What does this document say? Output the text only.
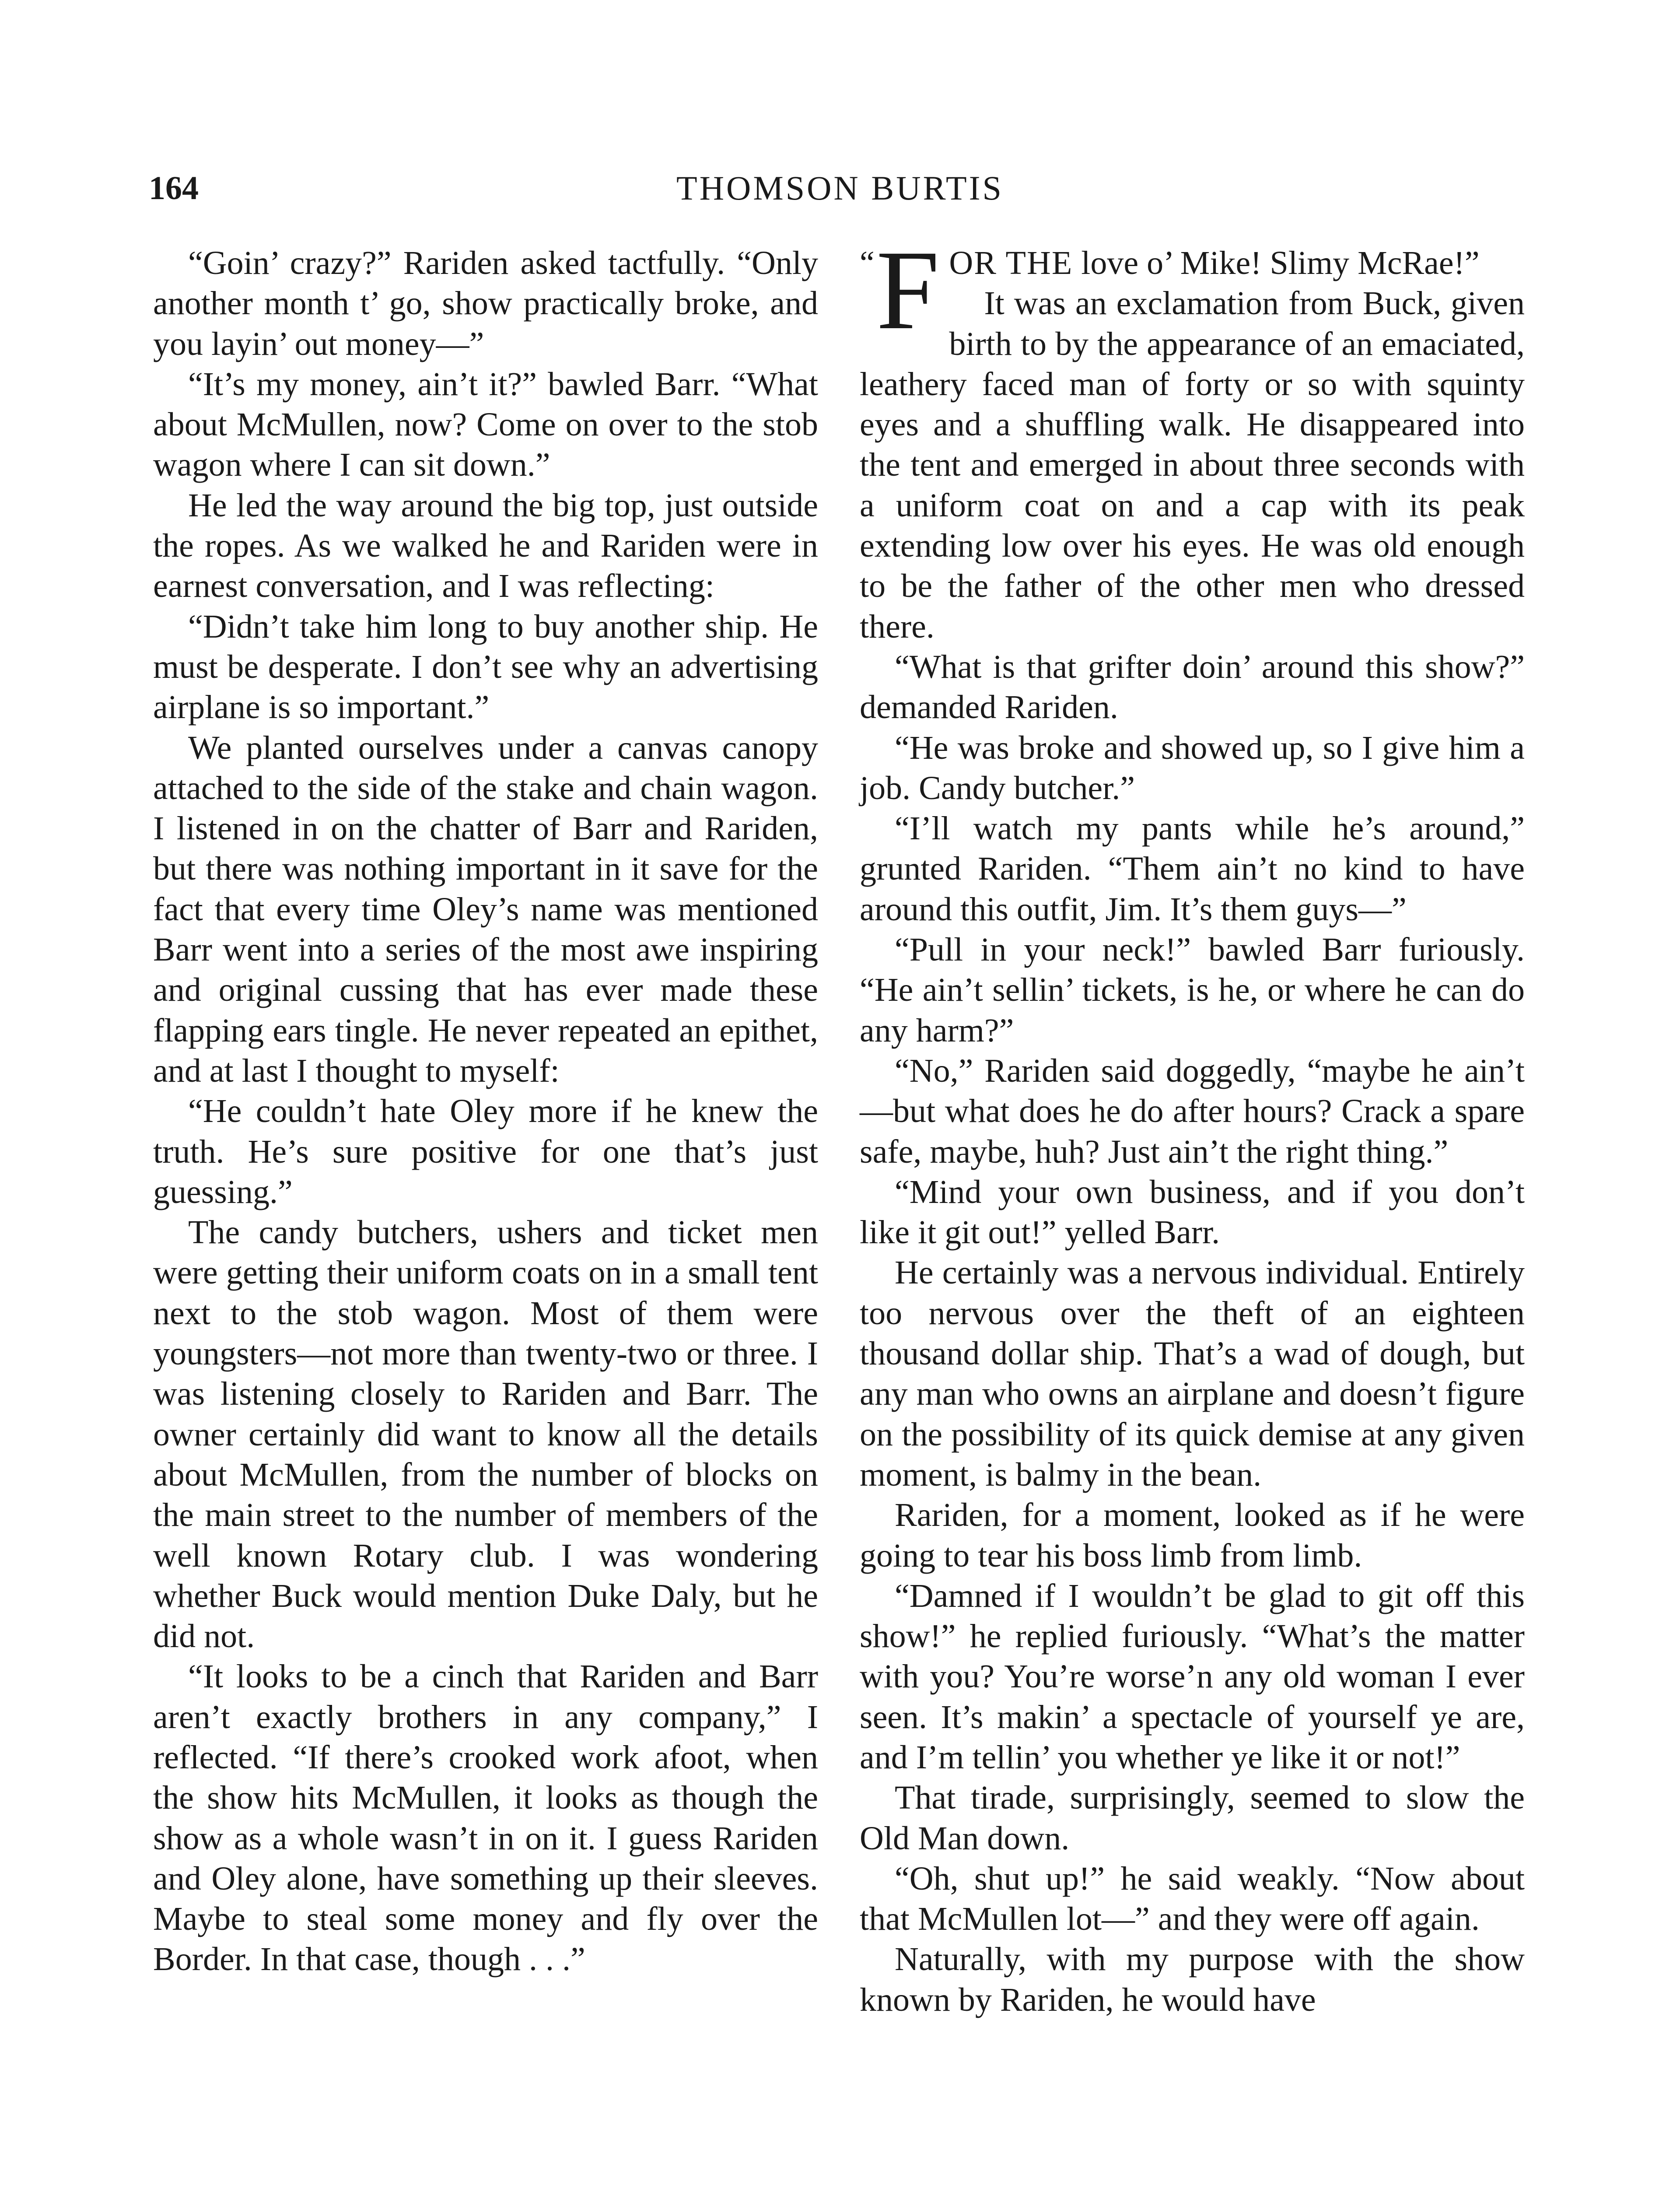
164	THOMSON BURTIS

“Goin’ crazy?” Rariden asked tactfully. “Only another month t’ go, show practically broke, and you layin’ out money—”

“It’s my money, ain’t it?” bawled Barr. “What about McMullen, now? Come on over to the stob wagon where I can sit down.”

He led the way around the big top, just outside the ropes. As we walked he and Rariden were in earnest conversation, and I was reflecting:

“Didn’t take him long to buy another ship. He must be desperate. I don’t see why an advertising airplane is so important.”

We planted ourselves under a canvas canopy attached to the side of the stake and chain wagon. I listened in on the chatter of Barr and Rariden, but there was nothing important in it save for the fact that every time Oley’s name was mentioned Barr went into a series of the most awe inspiring and original cussing that has ever made these flapping ears tingle. He never repeated an epithet, and at last I thought to myself:

“He couldn’t hate Oley more if he knew the truth. He’s sure positive for one that’s just guessing.”

The candy butchers, ushers and ticket men were getting their uniform coats on in a small tent next to the stob wagon. Most of them were youngsters—not more than twenty-two or three. I was listening closely to Rariden and Barr. The owner certainly did want to know all the details about McMullen, from the number of blocks on the main street to the number of members of the well known Rotary club. I was wondering whether Buck would mention Duke Daly, but he did not.

“It looks to be a cinch that Rariden and Barr aren’t exactly brothers in any company,” I reflected. “If there’s crooked work afoot, when the show hits McMullen, it looks as though the show as a whole wasn’t in on it. I guess Rariden and Oley alone, have something up their sleeves. Maybe to steal some money and fly over the Border. In that case, though . . .”

“ F OR THE love o’ Mike! Slimy McRae!”

It was an exclamation from Buck, given birth to by the appearance of an emaciated, leathery faced man of forty or so with squinty eyes and a shuffling walk. He disappeared into the tent and emerged in about three seconds with a uniform coat on and a cap with its peak extending low over his eyes. He was old enough to be the father of the other men who dressed there.

“What is that grifter doin’ around this show?” demanded Rariden.

“He was broke and showed up, so I give him a job. Candy butcher.”

“I’ll watch my pants while he’s around,” grunted Rariden. “Them ain’t no kind to have around this outfit, Jim. It’s them guys—”

“Pull in your neck!” bawled Barr furiously. “He ain’t sellin’ tickets, is he, or where he can do any harm?”

“No,” Rariden said doggedly, “maybe he ain’t—but what does he do after hours? Crack a spare safe, maybe, huh? Just ain’t the right thing.”

“Mind your own business, and if you don’t like it git out!” yelled Barr.

He certainly was a nervous individual. Entirely too nervous over the theft of an eighteen thousand dollar ship. That’s a wad of dough, but any man who owns an airplane and doesn’t figure on the possibility of its quick demise at any given moment, is balmy in the bean.

Rariden, for a moment, looked as if he were going to tear his boss limb from limb.

“Damned if I wouldn’t be glad to git off this show!” he replied furiously. “What’s the matter with you? You’re worse’n any old woman I ever seen. It’s makin’ a spectacle of yourself ye are, and I’m tellin’ you whether ye like it or not!”

That tirade, surprisingly, seemed to slow the Old Man down.

“Oh, shut up!” he said weakly. “Now about that McMullen lot—” and they were off again.

Naturally, with my purpose with the show known by Rariden, he would have
